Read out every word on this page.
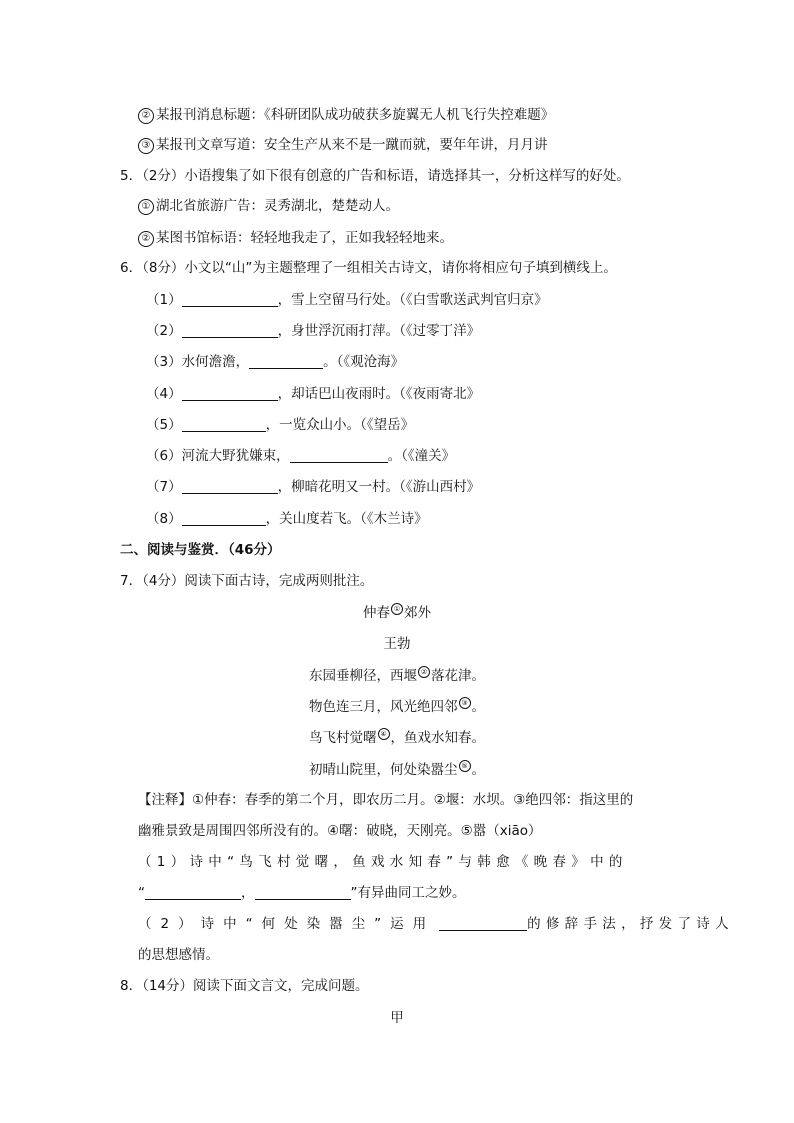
② 某报刊消息标题：《科研团队成功破获多旋翼无人机飞行失控难题》
③ 某报刊文章写道：安全生产从来不是一蹴而就，要年年讲，月月讲
5．（2分）小语搜集了如下很有创意的广告和标语，请选择其一，分析这样写的好处。
① 湖北省旅游广告：灵秀湖北，楚楚动人。
② 某图书馆标语：轻轻地我走了，正如我轻轻地来。
6．（8分）小文以“山”为主题整理了一组相关古诗文，请你将相应句子填到横线上。
（1）	，雪上空留马行处。（《白雪歌送武判官归京》
（2）	，身世浮沉雨打萍。（《过零丁洋》
（3）水何澹澹，	。（《观沧海》
（4）	，却话巴山夜雨时。（《夜雨寄北》
（5）	，一览众山小。（《望岳》
（6）河流大野犹嫌束，	。（《潼关》
（7）	，柳暗花明又一村。（《游山西村》
（8）	，关山度若飞。（《木兰诗》
二、阅读与鉴赏．（46分）
7．（4分）阅读下面古诗，完成两则批注。
仲春 ① 郊外
王勃
东园垂柳径，西堰 ② 落花津。
物色连三月，风光绝四邻 ③ 。
鸟飞村觉曙 ④ ，鱼戏水知春。
初晴山院里，何处染嚣尘 ⑤ 。
【注释】①仲春：春季的第二个月，即农历二月。②堰：水坝。③绝四邻：指这里的
幽雅景致是周围四邻所没有的。④曙：破晓，天刚亮。⑤嚣（xiāo）
（1）诗中“鸟飞村觉曙，鱼戏水知春”与韩愈《晚春》中的
“	，	”有异曲同工之妙。
（2）诗中“何处染嚣尘”运用	的修辞手法，抒发了诗人
的思想感情。
8．（14分）阅读下面文言文，完成问题。
甲
